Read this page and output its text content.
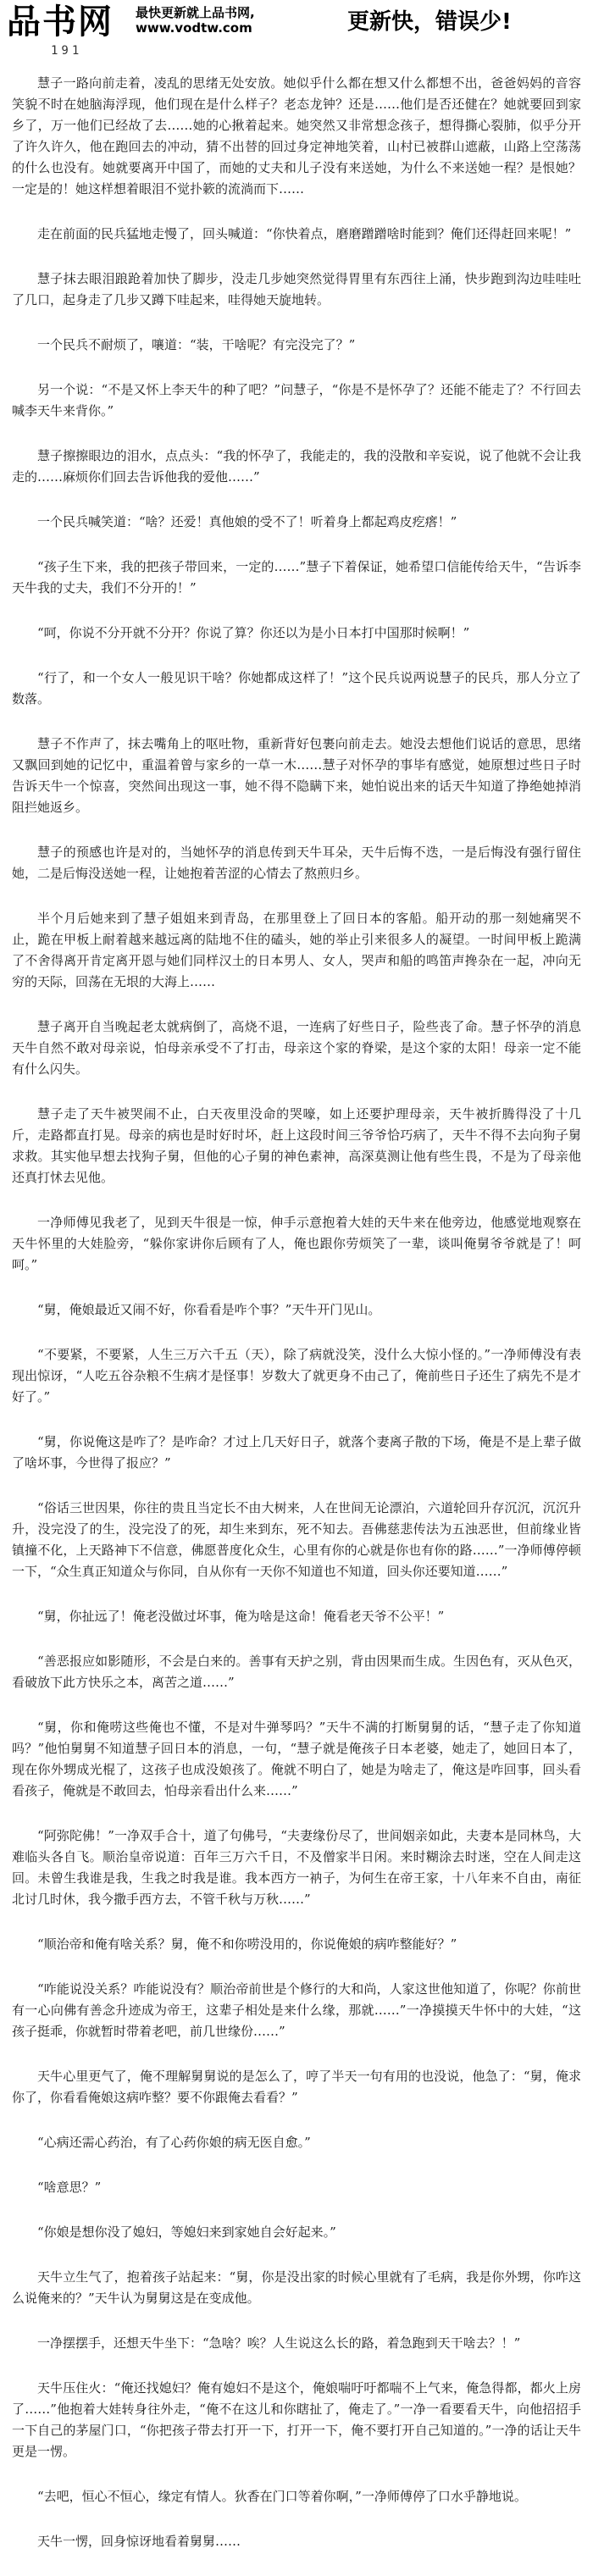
品书网 最快更新就上品书网,
www.vodtw.com	更新快，错误少!
191

慧子一路向前走着，凌乱的思绪无处安放。她似乎什么都在想又什么都想不出，爸爸妈妈的音容笑貌不时在她脑海浮现，他们现在是什么样子？老态龙钟？还是……他们是否还健在？她就要回到家乡了，万一他们已经故了去……她的心揪着起来。她突然又非常想念孩子，想得撕心裂肺，似乎分开了许久许久，他在跑回去的冲动，猜不出替的回过身定神地笑着，山村已被群山遮蔽，山路上空荡荡的什么也没有。她就要离开中国了，而她的丈夫和儿子没有来送她，为什么不来送她一程？是恨她？一定是的！她这样想着眼泪不觉扑簌的流淌而下……

走在前面的民兵猛地走慢了，回头喊道：“你快着点，磨磨蹭蹭啥时能到？俺们还得赶回来呢！”

慧子抹去眼泪踉跄着加快了脚步，没走几步她突然觉得胃里有东西往上涌，快步跑到沟边哇哇吐了几口，起身走了几步又蹲下哇起来，哇得她天旋地转。

一个民兵不耐烦了，嚷道：“装，干啥呢？有完没完了？”

另一个说：“不是又怀上李天牛的种了吧？”问慧子，“你是不是怀孕了？还能不能走了？不行回去喊李天牛来背你。”

慧子擦擦眼边的泪水，点点头：“我的怀孕了，我能走的，我的没散和辛妄说，说了他就不会让我走的……麻烦你们回去告诉他我的爱他……”

一个民兵喊笑道：“啥？还爱！真他娘的受不了！听着身上都起鸡皮疙瘩！”

“孩子生下来，我的把孩子带回来，一定的……”慧子下着保证，她希望口信能传给天牛，“告诉李天牛我的丈夫，我们不分开的！”

“呵，你说不分开就不分开？你说了算？你还以为是小日本打中国那时候啊！”

“行了，和一个女人一般见识干啥？你她都成这样了！”这个民兵说两说慧子的民兵，那人分立了数落。

慧子不作声了，抹去嘴角上的呕吐物，重新背好包裹向前走去。她没去想他们说话的意思，思绪又飘回到她的记忆中，重温着曾与家乡的一草一木……慧子对怀孕的事毕有感觉，她原想过些日子时告诉天牛一个惊喜，突然间出现这一事，她不得不隐瞒下来，她怕说出来的话天牛知道了挣绝她掉消阻拦她返乡。

慧子的预感也许是对的，当她怀孕的消息传到天牛耳朵，天牛后悔不迭，一是后悔没有强行留住她，二是后悔没送她一程，让她抱着苦涩的心情去了熬煎归乡。

半个月后她来到了慧子姐姐来到青岛，在那里登上了回日本的客船。船开动的那一刻她痛哭不止，跪在甲板上耐着越来越远离的陆地不住的磕头，她的举止引来很多人的凝望。一时间甲板上跪满了不舍得离开肯定离开恩与她们同样汉土的日本男人、女人，哭声和船的鸣笛声搀杂在一起，冲向无穷的天际，回荡在无垠的大海上……

慧子离开自当晚起老太就病倒了，高烧不退，一连病了好些日子，险些丧了命。慧子怀孕的消息天牛自然不敢对母亲说，怕母亲承受不了打击，母亲这个家的脊梁，是这个家的太阳！母亲一定不能有什么闪失。

慧子走了天牛被哭闹不止，白天夜里没命的哭嚎，如上还要护理母亲，天牛被折腾得没了十几斤，走路都直打晃。母亲的病也是时好时坏，赶上这段时间三爷爷恰巧病了，天牛不得不去向狗子舅求救。其实他早想去找狗子舅，但他的心子舅的神色素神，高深莫测让他有些生畏，不是为了母亲他还真打怵去见他。

一净师傅见我老了，见到天牛很是一惊，伸手示意抱着大娃的天牛来在他旁边，他感觉地观察在天牛怀里的大娃脸旁，“躲你家讲你后顾有了人，俺也跟你劳烦笑了一辈，谈叫俺舅爷爷就是了！呵呵。”

“舅，俺娘最近又闹不好，你看看是咋个事？”天牛开门见山。

“不要紧，不要紧，人生三万六千五（天），除了病就没笑，没什么大惊小怪的。”一净师傅没有表现出惊讶，“人吃五谷杂粮不生病才是怪事！岁数大了就更身不由己了，俺前些日子还生了病先不是才好了。”

“舅，你说俺这是咋了？是咋命？才过上几天好日子，就落个妻离子散的下场，俺是不是上辈子做了啥坏事，今世得了报应？”

“俗话三世因果，你往的贵且当定长不由大树来，人在世间无论漂泊，六道轮回升存沉沉，沉沉升升，没完没了的生，没完没了的死，却生来到东，死不知去。吾佛慈悲传法为五浊恶世，但前缘业皆镇撞不化，上天路神下不信意，佛愿普度化众生，心里有你的心就是你也有你的路……”一净师傅停顿一下，“众生真正知道众与你同，自从你有一天你不知道也不知道，回头你还要知道……”

“舅，你扯远了！俺老没做过坏事，俺为啥是这命！俺看老天爷不公平！”

“善恶报应如影随形，不会是白来的。善事有天护之别，背由因果而生成。生因色有，灭从色灭，看破放下此方快乐之本，离苦之道……”

“舅，你和俺唠这些俺也不懂，不是对牛弹琴吗？”天牛不满的打断舅舅的话，“慧子走了你知道吗？”他怕舅舅不知道慧子回日本的消息，一句，“慧子就是俺孩子日本老婆，她走了，她回日本了，现在你外甥成光棍了，这孩子也成没娘孩了。俺就不明白了，她是为啥走了，俺这是咋回事，回头看看孩子，俺就是不敢回去，怕母亲看出什么来……”

“阿弥陀佛！”一净双手合十，道了句佛号，“夫妻缘份尽了，世间姻亲如此，夫妻本是同林鸟，大难临头各自飞。顺治皇帝说道：百年三万六千日，不及僧家半日闲。来时糊涂去时迷，空在人间走这回。未曾生我谁是我，生我之时我是谁。我本西方一衲子，为何生在帝王家，十八年来不自由，南征北讨几时休，我今撒手西方去，不管千秋与万秋……”

“顺治帝和俺有啥关系？舅，俺不和你唠没用的，你说俺娘的病咋整能好？”

“咋能说没关系？咋能说没有？顺治帝前世是个修行的大和尚，人家这世他知道了，你呢？你前世有一心向佛有善念升迹成为帝王，这辈子相处是来什么缘，那就……”一净摸摸天牛怀中的大娃，“这孩子挺乖，你就暂时带着老吧，前几世缘份……”

天牛心里更气了，俺不理解舅舅说的是怎么了，哼了半天一句有用的也没说，他急了：“舅，俺求你了，你看看俺娘这病咋整？要不你跟俺去看看？”

“心病还需心药治，有了心药你娘的病无医自愈。”

“啥意思？”

“你娘是想你没了媳妇，等媳妇来到家她自会好起来。”

天牛立生气了，抱着孩子站起来：“舅，你是没出家的时候心里就有了毛病，我是你外甥，你咋这么说俺来的？”天牛认为舅舅这是在变成他。

一净摆摆手，还想天牛坐下：“急啥？唉？人生说这么长的路，着急跑到天干啥去？！”

天牛压住火：“俺还找媳妇？俺有媳妇不是这个，俺娘喘吁吁都喘不上气来，俺急得都，都火上房了……”他抱着大娃转身往外走，“俺不在这儿和你瞎扯了，俺走了。”一净一看要看天牛，向他招招手一下自己的茅屋门口，“你把孩子带去打开一下，打开一下，俺不要打开自己知道的。”一净的话让天牛更是一愣。

“去吧，恒心不恒心，缘定有情人。狄香在门口等着你啊，”一净师傅停了口水乎静地说。

天牛一愣，回身惊讶地看着舅舅……
